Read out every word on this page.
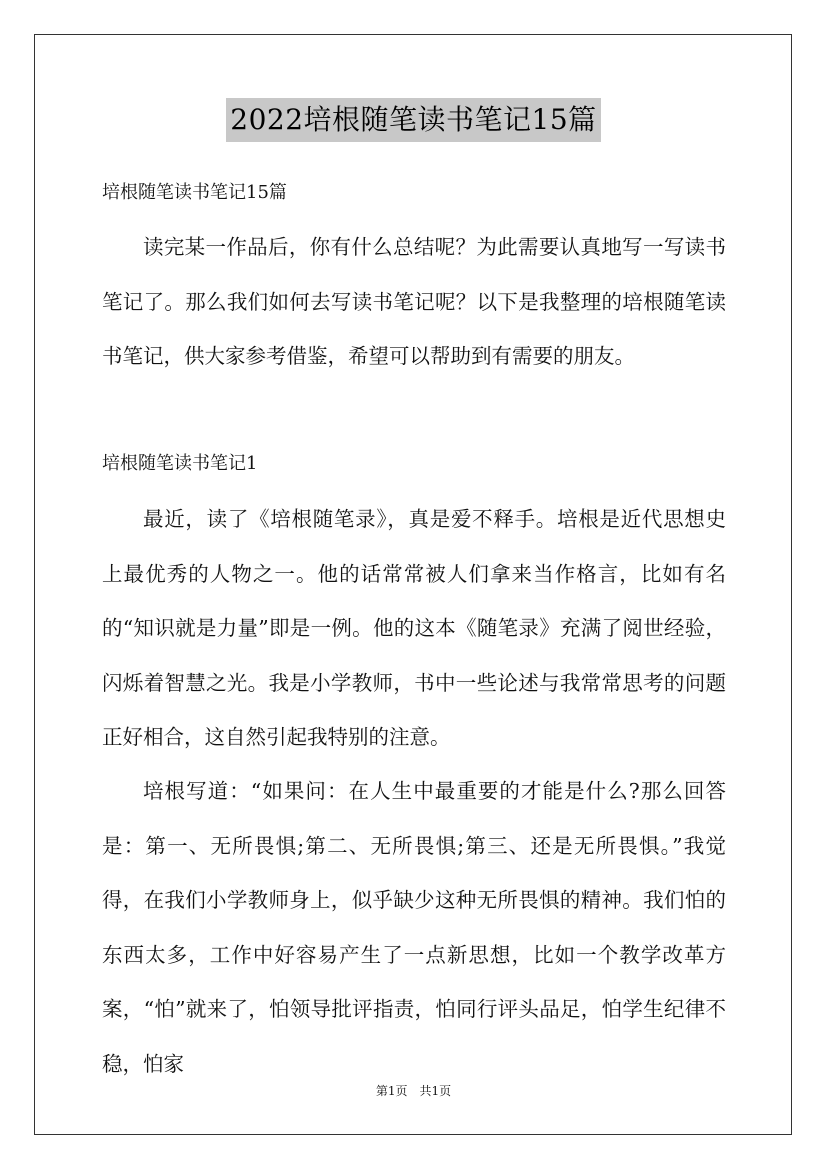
2022培根随笔读书笔记15篇
培根随笔读书笔记15篇

读完某一作品后，你有什么总结呢？为此需要认真地写一写读书笔记了。那么我们如何去写读书笔记呢？以下是我整理的培根随笔读书笔记，供大家参考借鉴，希望可以帮助到有需要的朋友。

培根随笔读书笔记1

最近，读了《培根随笔录》，真是爱不释手。培根是近代思想史上最优秀的人物之一。他的话常常被人们拿来当作格言，比如有名的“知识就是力量”即是一例。他的这本《随笔录》充满了阅世经验，闪烁着智慧之光。我是小学教师，书中一些论述与我常常思考的问题正好相合，这自然引起我特别的注意。

培根写道：“如果问：在人生中最重要的才能是什么?那么回答是：第一、无所畏惧;第二、无所畏惧;第三、还是无所畏惧。”我觉得，在我们小学教师身上，似乎缺少这种无所畏惧的精神。我们怕的东西太多，工作中好容易产生了一点新思想，比如一个教学改革方案，“怕”就来了，怕领导批评指责，怕同行评头品足，怕学生纪律不稳，怕家

第1页　共1页
